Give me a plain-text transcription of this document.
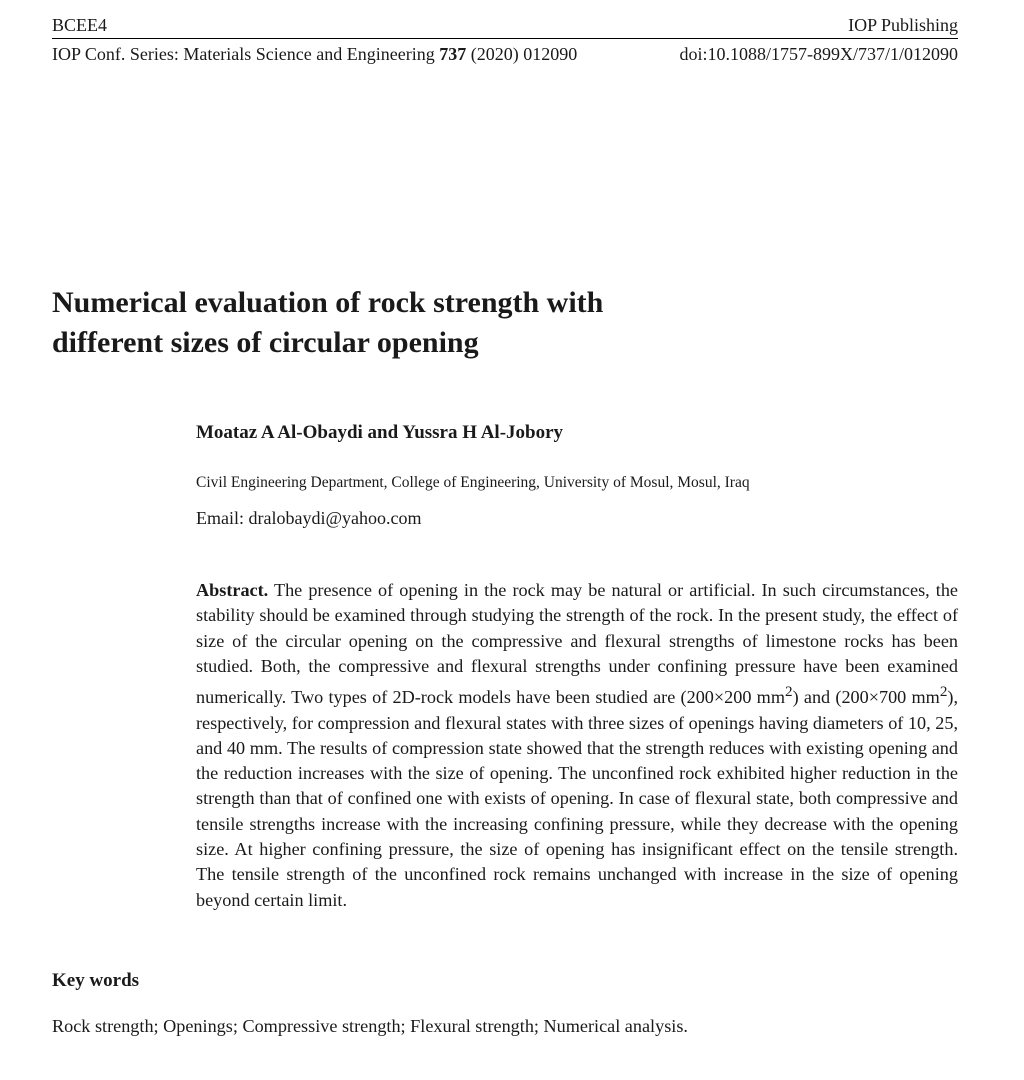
BCEE4	IOP Publishing
IOP Conf. Series: Materials Science and Engineering 737 (2020) 012090	doi:10.1088/1757-899X/737/1/012090
Numerical evaluation of rock strength with
different sizes of circular opening

Moataz A Al-Obaydi and Yussra H Al-Jobory

Civil Engineering Department, College of Engineering, University of Mosul, Mosul, Iraq

Email: dralobaydi@yahoo.com

Abstract. The presence of opening in the rock may be natural or artificial. In such circumstances, the stability should be examined through studying the strength of the rock. In the present study, the effect of size of the circular opening on the compressive and flexural strengths of limestone rocks has been studied. Both, the compressive and flexural strengths under confining pressure have been examined numerically. Two types of 2D-rock models have been studied are (200×200 $mm^2$) and (200×700 $mm^2$), respectively, for compression and flexural states with three sizes of openings having diameters of 10, 25, and 40 mm. The results of compression state showed that the strength reduces with existing opening and the reduction increases with the size of opening. The unconfined rock exhibited higher reduction in the strength than that of confined one with exists of opening. In case of flexural state, both compressive and tensile strengths increase with the increasing confining pressure, while they decrease with the opening size. At higher confining pressure, the size of opening has insignificant effect on the tensile strength. The tensile strength of the unconfined rock remains unchanged with increase in the size of opening beyond certain limit.

Key words

Rock strength; Openings; Compressive strength; Flexural strength; Numerical analysis.
